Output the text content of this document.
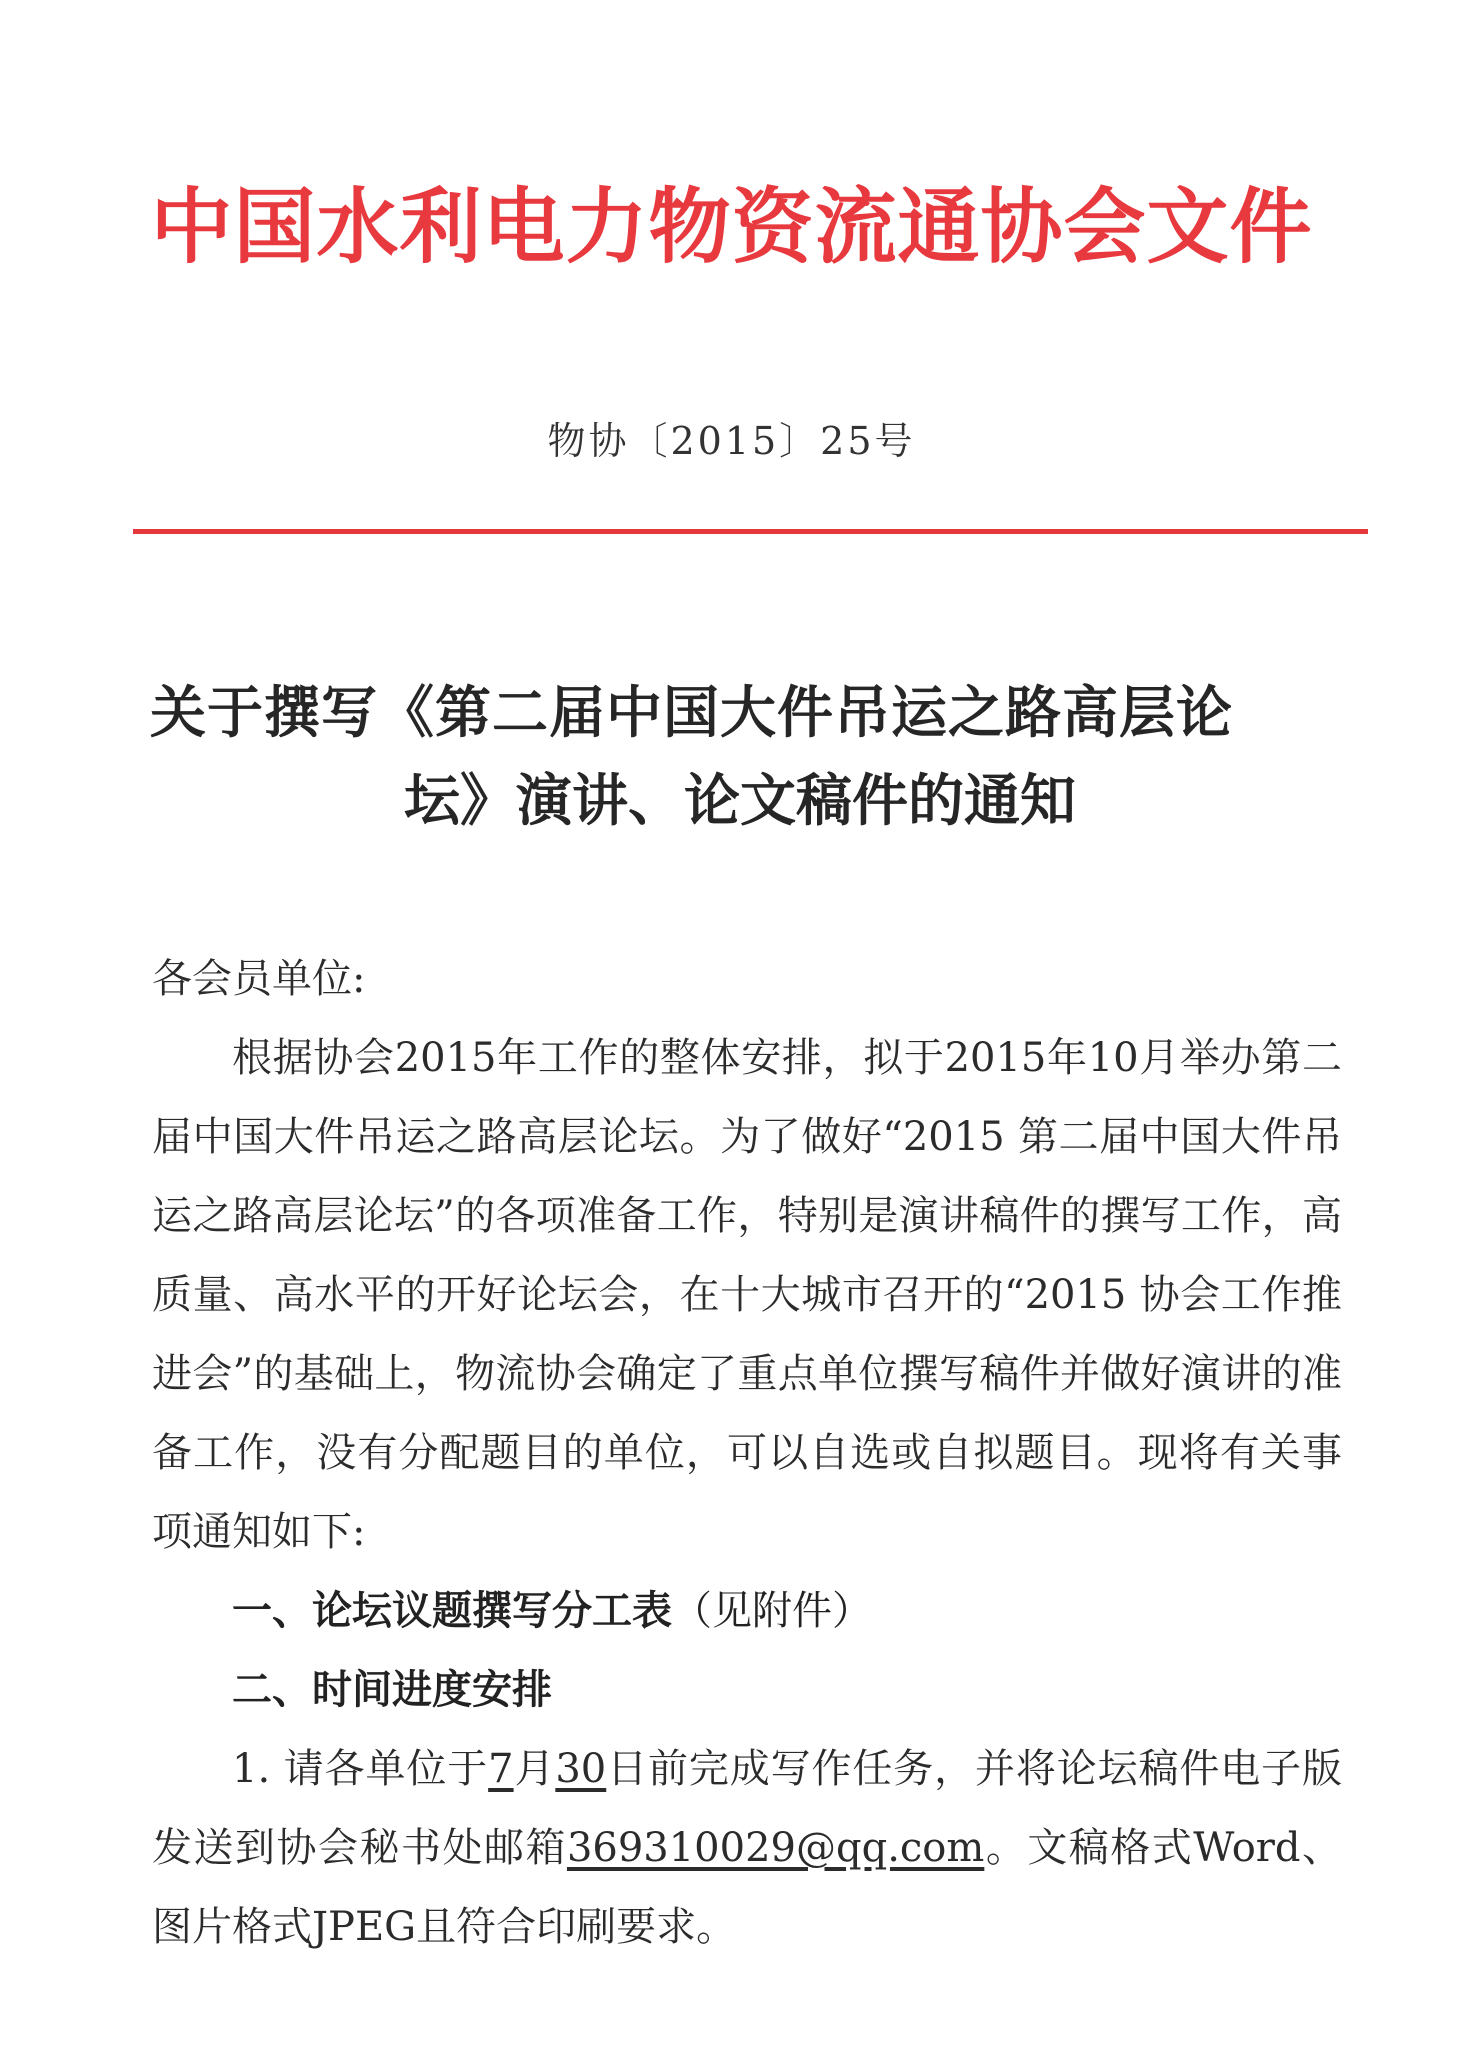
中国水利电力物资流通协会文件
物协〔2015〕25号
关于撰写《第二届中国大件吊运之路高层论
坛》演讲、论文稿件的通知

各会员单位:

根据协会2015年工作的整体安排，拟于2015年10月举办第二届中国大件吊运之路高层论坛。为了做好“2015 第二届中国大件吊运之路高层论坛”的各项准备工作，特别是演讲稿件的撰写工作，高质量、高水平的开好论坛会，在十大城市召开的“2015 协会工作推进会”的基础上，物流协会确定了重点单位撰写稿件并做好演讲的准备工作，没有分配题目的单位，可以自选或自拟题目。现将有关事项通知如下:

一、论坛议题撰写分工表（见附件）

二、时间进度安排

1. 请各单位于7月30日前完成写作任务，并将论坛稿件电子版发送到协会秘书处邮箱369310029@qq.com。文稿格式Word、图片格式JPEG且符合印刷要求。
